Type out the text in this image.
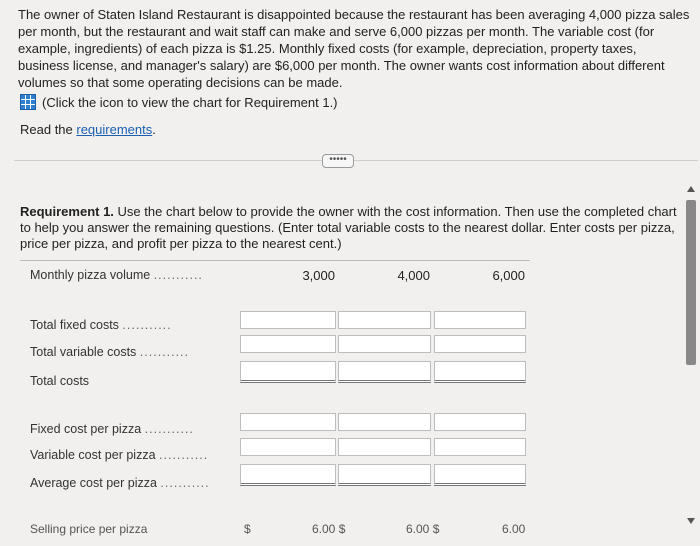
The owner of Staten Island Restaurant is disappointed because the restaurant has been averaging 4,000 pizza sales per month, but the restaurant and wait staff can make and serve 6,000 pizzas per month. The variable cost (for example, ingredients) of each pizza is $1.25. Monthly fixed costs (for example, depreciation, property taxes, business license, and manager's salary) are $6,000 per month. The owner wants cost information about different volumes so that some operating decisions can be made.
(Click the icon to view the chart for Requirement 1.)
Read the requirements.
•••••
Requirement 1. Use the chart below to provide the owner with the cost information. Then use the completed chart to help you answer the remaining questions. (Enter total variable costs to the nearest dollar. Enter costs per pizza, price per pizza, and profit per pizza to the nearest cent.)
Monthly pizza volume ...........	3,000	4,000	6,000
Total fixed costs ...........
Total variable costs ...........
Total costs
Fixed cost per pizza ...........
Variable cost per pizza ...........
Average cost per pizza ...........
Selling price per pizza	$	6.00 $	6.00 $	6.00
